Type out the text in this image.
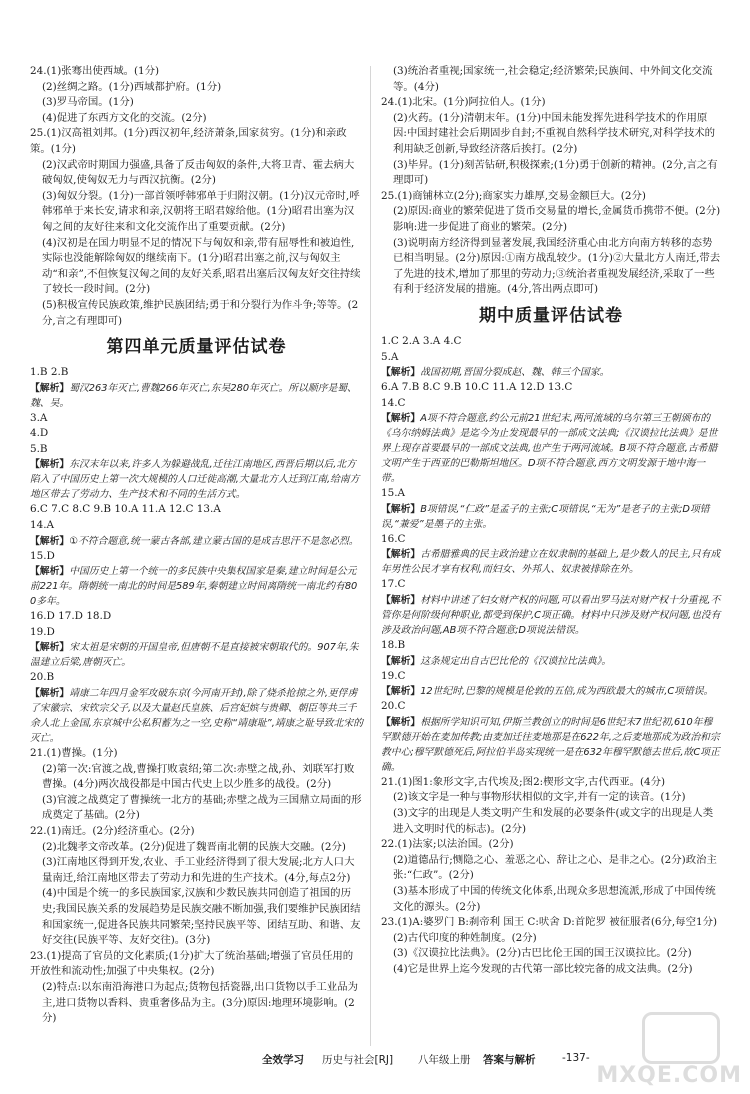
24.(1)张骞出使西域。(1分)
(2)丝绸之路。(1分)西域都护府。(1分)
(3)罗马帝国。(1分)
(4)促进了东西方文化的交流。(2分)
25.(1)汉高祖刘邦。(1分)西汉初年,经济萧条,国家贫穷。(1分)和亲政策。(1分)
(2)汉武帝时期国力强盛,具备了反击匈奴的条件,大将卫青、霍去病大破匈奴,使匈奴无力与西汉抗衡。(2分)
(3)匈奴分裂。(1分)一部首领呼韩邪单于归附汉朝。(1分)汉元帝时,呼韩邪单于来长安,请求和亲,汉朝将王昭君嫁给他。(1分)昭君出塞为汉匈之间的友好往来和文化交流作出了重要贡献。(2分)
(4)汉初是在国力明显不足的情况下与匈奴和亲,带有屈辱性和被迫性,实际也没能解除匈奴的继续南下。(1分)昭君出塞之前,汉与匈奴主动“和亲”,不但恢复汉匈之间的友好关系,昭君出塞后汉匈友好交往持续了较长一段时间。(2分)
(5)积极宣传民族政策,维护民族团结;勇于和分裂行为作斗争;等等。(2分,言之有理即可)
第四单元质量评估试卷
1.B 2.B
【解析】蜀汉263年灭亡,曹魏266年灭亡,东吴280年灭亡。所以顺序是蜀、魏、吴。
3.A
4.D
5.B
【解析】东汉末年以来,许多人为躲避战乱,迁往江南地区,西晋后期以后,北方陷入了中国历史上第一次大规模的人口迁徙高潮,大量北方人迁到江南,给南方地区带去了劳动力、生产技术和不同的生活方式。
6.C 7.C 8.C 9.B 10.A 11.A 12.C 13.A
14.A
【解析】①不符合题意,统一蒙古各部,建立蒙古国的是成吉思汗不是忽必烈。
15.D
【解析】中国历史上第一个统一的多民族中央集权国家是秦,建立时间是公元前221年。隋朝统一南北的时间是589年,秦朝建立时间离隋统一南北约有800多年。
16.D 17.D 18.D
19.D
【解析】宋太祖是宋朝的开国皇帝,但唐朝不是直接被宋朝取代的。907年,朱温建立后梁,唐朝灭亡。
20.B
【解析】靖康二年四月金军攻破东京(今河南开封),除了烧杀抢掠之外,更俘虏了宋徽宗、宋钦宗父子,以及大量赵氏皇族、后宫妃嫔与贵卿、朝臣等共三千余人北上金国,东京城中公私积蓄为之一空,史称“靖康耻”,靖康之耻导致北宋的灭亡。
21.(1)曹操。(1分)
(2)第一次:官渡之战,曹操打败袁绍;第二次:赤壁之战,孙、刘联军打败曹操。(4分)两次战役都是中国古代史上以少胜多的战役。(2分)
(3)官渡之战奠定了曹操统一北方的基础;赤壁之战为三国鼎立局面的形成奠定了基础。(2分)
22.(1)南迁。(2分)经济重心。(2分)
(2)北魏孝文帝改革。(2分)促进了魏晋南北朝的民族大交融。(2分)
(3)江南地区得到开发,农业、手工业经济得到了很大发展;北方人口大量南迁,给江南地区带去了劳动力和先进的生产技术。(4分,每点2分)
(4)中国是个统一的多民族国家,汉族和少数民族共同创造了祖国的历史;我国民族关系的发展趋势是民族交融不断加强,我们要维护民族团结和国家统一,促进各民族共同繁荣;坚持民族平等、团结互助、和谐、友好交往(民族平等、友好交往)。(3分)
23.(1)提高了官员的文化素质;(1分)扩大了统治基础;增强了官员任用的开放性和流动性;加强了中央集权。(2分)
(2)特点:以东南沿海港口为起点;货物包括瓷器,出口货物以手工业品为主,进口货物以香料、贵重奢侈品为主。(3分)原因:地理环境影响。(2分)
(3)统治者重视;国家统一,社会稳定;经济繁荣;民族间、中外间文化交流等。(4分)
24.(1)北宋。(1分)阿拉伯人。(1分)
(2)火药。(1分)清朝末年。(1分)中国未能发挥先进科学技术的作用原因:中国封建社会后期固步自封;不重视自然科学技术研究,对科学技术的利用缺乏创新,导致经济落后挨打。(2分)
(3)毕昇。(1分)刻苦钻研,积极探索;(1分)勇于创新的精神。(2分,言之有理即可)
25.(1)商铺林立(2分);商家实力雄厚,交易金额巨大。(2分)
(2)原因:商业的繁荣促进了货币交易量的增长,金属货币携带不便。(2分)影响:进一步促进了商业的繁荣。(2分)
(3)说明南方经济得到显著发展,我国经济重心由北方向南方转移的态势已相当明显。(2分)原因:①南方战乱较少。(1分)②大量北方人南迁,带去了先进的技术,增加了那里的劳动力;③统治者重视发展经济,采取了一些有利于经济发展的措施。(4分,答出两点即可)
期中质量评估试卷
1.C 2.A 3.A 4.C
5.A
【解析】战国初期,晋国分裂成赵、魏、韩三个国家。
6.A 7.B 8.C 9.B 10.C 11.A 12.D 13.C
14.C
【解析】A项不符合题意,约公元前21世纪末,两河流域的乌尔第三王朝颁布的《乌尔纳姆法典》是迄今为止发现最早的一部成文法典;《汉谟拉比法典》是世界上现存首要最早的一部成文法典,也产生于两河流域。B项不符合题意,古希腊文明产生于西亚的巴勒斯坦地区。D项不符合题意,西方文明发源于地中海一带。
15.A
【解析】B项错误,“仁政”是孟子的主张;C项错误,“无为”是老子的主张;D项错误,“兼爱”是墨子的主张。
16.C
【解析】古希腊雅典的民主政治建立在奴隶制的基础上,是少数人的民主,只有成年男性公民才享有权利,而妇女、外邦人、奴隶被排除在外。
17.C
【解析】材料中讲述了妇女财产权的问题,可以看出罗马法对财产权十分重视,不管你是何阶级何种职业,都受到保护,C项正确。材料中只涉及财产权问题,也没有涉及政治问题,AB项不符合题意;D项说法错误。
18.B
【解析】这条规定出自古巴比伦的《汉谟拉比法典》。
19.C
【解析】12世纪时,巴黎的规模是伦敦的五倍,成为西欧最大的城市,C项错误。
20.C
【解析】根据所学知识可知,伊斯兰教创立的时间是6世纪末7世纪初,610年穆罕默德开始在麦加传教;由麦加迁往麦地那是在622年,之后麦地那成为政治和宗教中心;穆罕默德死后,阿拉伯半岛实现统一是在632年穆罕默德去世后,故C项正确。
21.(1)图1:象形文字,古代埃及;图2:楔形文字,古代西亚。(4分)
(2)该文字是一种与事物形状相似的文字,并有一定的读音。(1分)
(3)文字的出现是人类文明产生和发展的必要条件(或文字的出现是人类进入文明时代的标志)。(2分)
22.(1)法家;以法治国。(2分)
(2)道德品行;恻隐之心、羞恶之心、辞让之心、是非之心。(2分)政治主张:“仁政”。(2分)
(3)基本形成了中国的传统文化体系,出现众多思想流派,形成了中国传统文化的源头。(2分)
23.(1)A:婆罗门 B:刹帝利 国王 C:吠舍 D:首陀罗 被征服者(6分,每空1分)
(2)古代印度的种姓制度。(2分)
(3)《汉谟拉比法典》。(2分)古巴比伦王国的国王汉谟拉比。(2分)
(4)它是世界上迄今发现的古代第一部比较完备的成文法典。(2分)
全效学习 历史与社会[RJ] 八年级上册 答案与解析	-137-
MXQE.COM
